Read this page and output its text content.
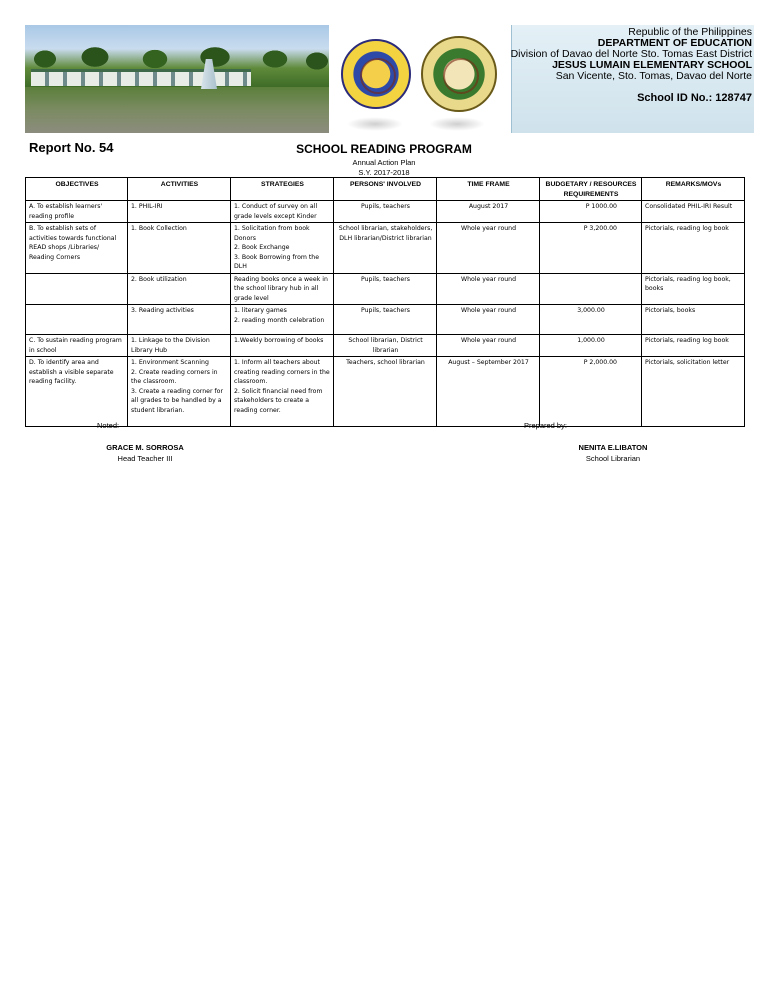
Republic of the Philippines
DEPARTMENT OF EDUCATION
Division of Davao del Norte Sto. Tomas East District
JESUS LUMAIN ELEMENTARY SCHOOL
San Vicente, Sto. Tomas, Davao del Norte
School ID No.: 128747
Report No. 54	SCHOOL READING PROGRAM
Annual Action Plan
S.Y. 2017-2018
OBJECTIVES	ACTIVITIES	STRATEGIES	PERSONS' INVOLVED	TIME FRAME	BUDGETARY / RESOURCES REQUIREMENTS	REMARKS/MOVs
A. To establish learners' reading profile	1. PHIL-IRI	1. Conduct of survey on all grade levels except Kinder	Pupils, teachers	August 2017	P 1000.00	Consolidated PHIL-IRI Result
B. To establish sets of activities towards functional READ shops /Libraries/ Reading Corners	1. Book Collection	1. Solicitation from book Donors
2. Book Exchange
3. Book Borrowing from the DLH	School librarian, stakeholders, DLH librarian/District librarian	Whole year round	P 3,200.00	Pictorials, reading log book
	2. Book utilization	Reading books once a week in the school library hub in all grade level	Pupils, teachers	Whole year round		Pictorials, reading log book, books
	3. Reading activities	1. literary games
2. reading month celebration	Pupils, teachers	Whole year round	3,000.00	Pictorials, books
C. To sustain reading program in school	1. Linkage to the Division Library Hub	1.Weekly borrowing of books	School librarian, District librarian	Whole year round	1,000.00	Pictorials, reading log book
D. To identify area and establish a visible separate reading facility.	1. Environment Scanning
2. Create reading corners in the classroom.
3. Create a reading corner for all grades to be handled by a student librarian.	1. Inform all teachers about creating reading corners in the classroom.
2. Solicit financial need from stakeholders to create a reading corner.	Teachers, school librarian	August – September 2017	P 2,000.00	Pictorials, solicitation letter
Noted:	Prepared by:
GRACE M. SORROSA
Head Teacher III
NENITA E.LIBATON
School Librarian
